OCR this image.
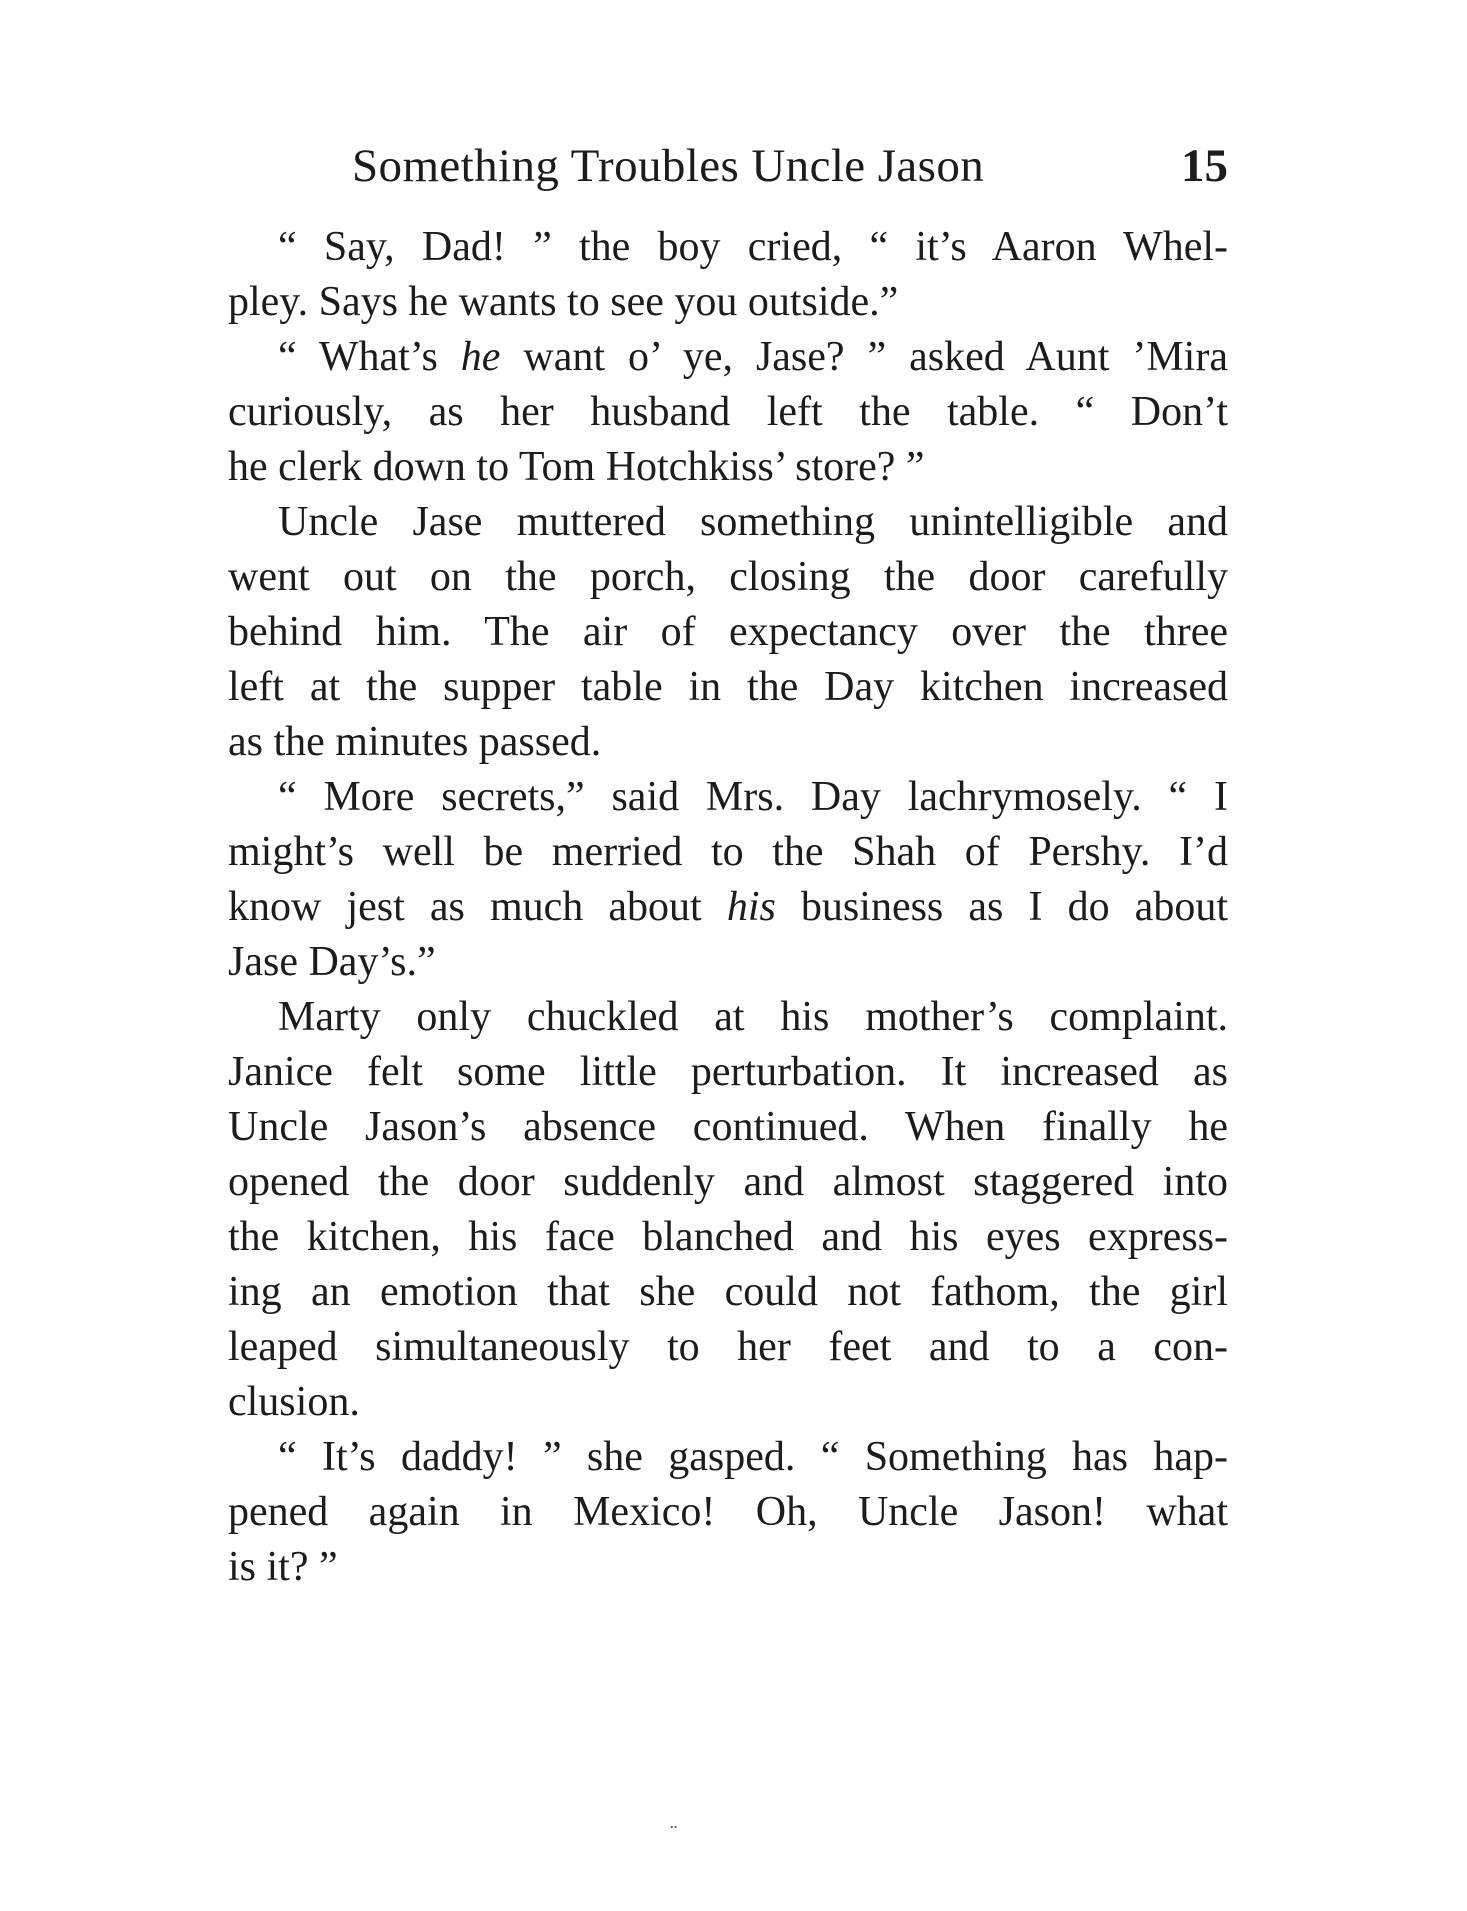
Something Troubles Uncle Jason	15
“ Say, Dad! ” the boy cried, “ it’s Aaron Whel-
pley. Says he wants to see you outside.”
“ What’s he want o’ ye, Jase? ” asked Aunt ’Mira
curiously, as her husband left the table. “ Don’t
he clerk down to Tom Hotchkiss’ store? ”
Uncle Jase muttered something unintelligible and
went out on the porch, closing the door carefully
behind him. The air of expectancy over the three
left at the supper table in the Day kitchen increased
as the minutes passed.
“ More secrets,” said Mrs. Day lachrymosely. “ I
might’s well be merried to the Shah of Pershy. I’d
know jest as much about his business as I do about
Jase Day’s.”
Marty only chuckled at his mother’s complaint.
Janice felt some little perturbation. It increased as
Uncle Jason’s absence continued. When finally he
opened the door suddenly and almost staggered into
the kitchen, his face blanched and his eyes express-
ing an emotion that she could not fathom, the girl
leaped simultaneously to her feet and to a con-
clusion.
“ It’s daddy! ” she gasped. “ Something has hap-
pened again in Mexico! Oh, Uncle Jason! what
is it? ”
¨
